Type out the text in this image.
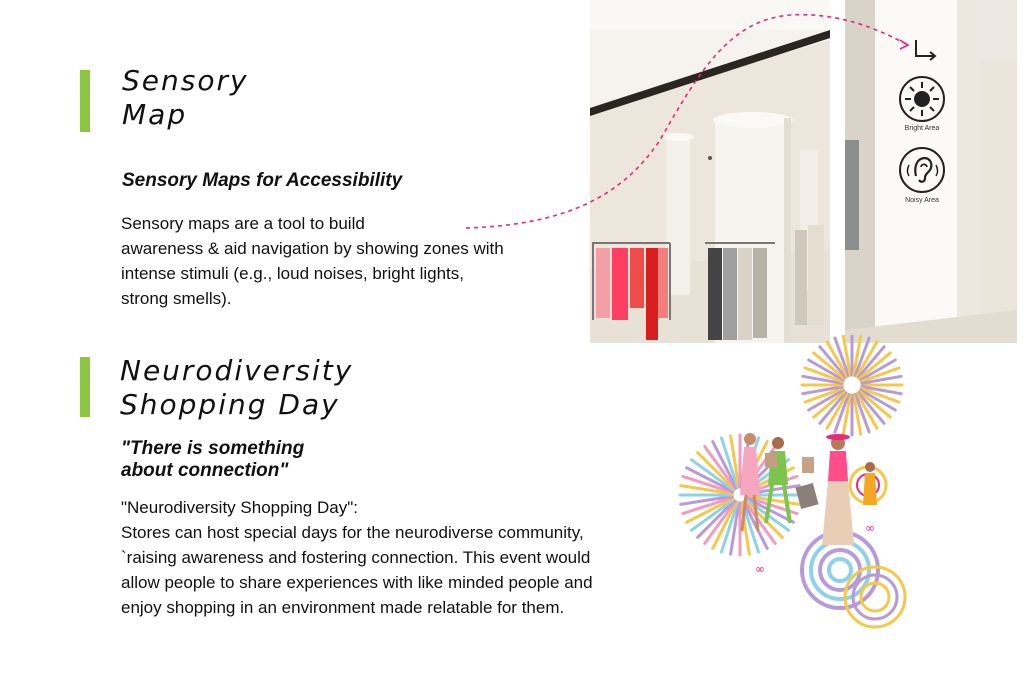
Sensory
Map
Sensory Maps for Accessibility
Sensory maps are a tool to build
awareness & aid navigation by showing zones with
intense stimuli (e.g., loud noises, bright lights,
strong smells).
Bright Area
Noisy Area
Neurodiversity
Shopping Day
"There is something
about connection"
"Neurodiversity Shopping Day":
Stores can host special days for the neurodiverse community,
`raising awareness and fostering connection. This event would
allow people to share experiences with like minded people and
enjoy shopping in an environment made relatable for them.
∞
∞
